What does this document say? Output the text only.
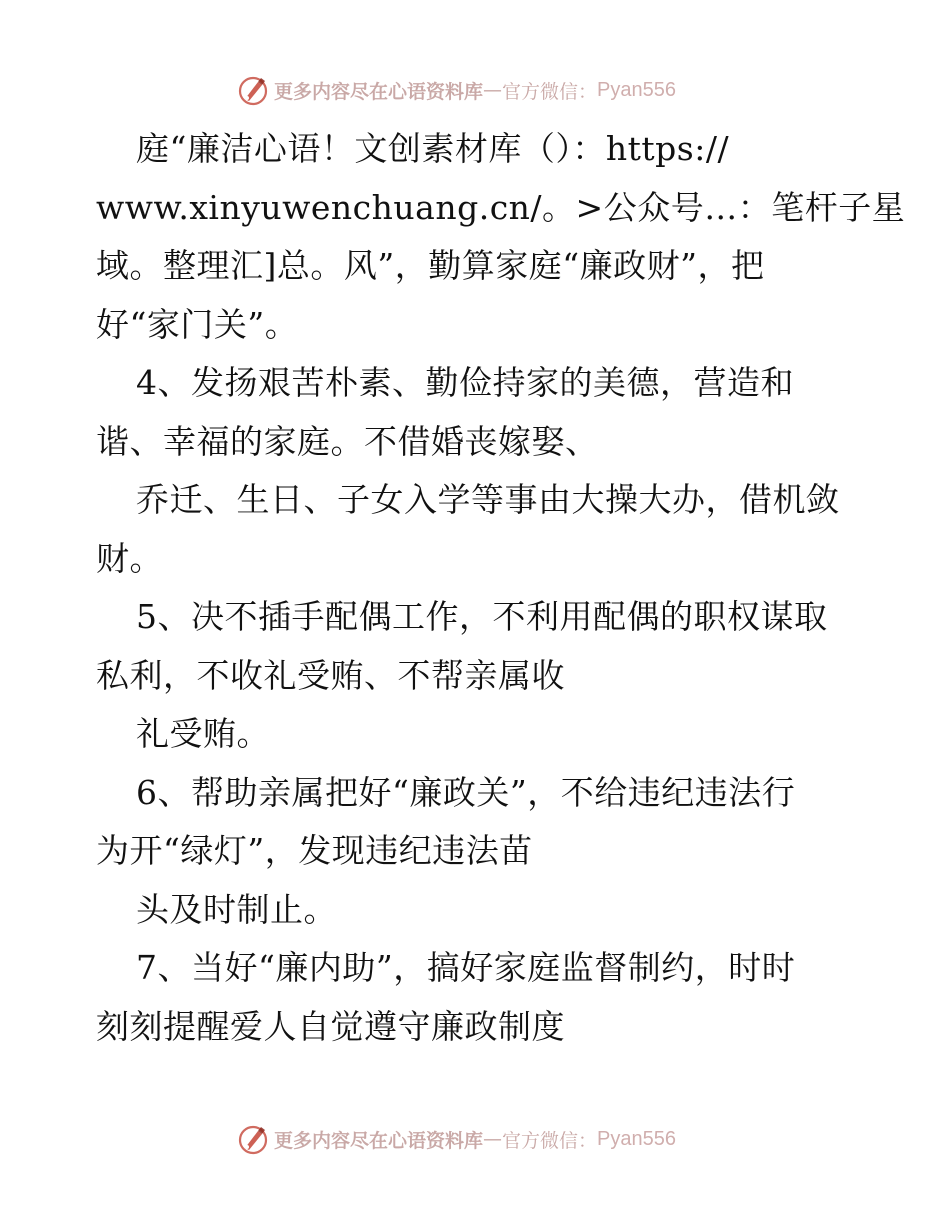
更多内容尽在心语资料库 — 官方微信： Pyan556
庭“廉洁心语！文创素材库（）：https://
www.xinyuwenchuang.cn/。>公众号…：笔杆子星
域。整理汇]总。风”，勤算家庭“廉政财”，把
好“家门关”。
4、发扬艰苦朴素、勤俭持家的美德，营造和
谐、幸福的家庭。不借婚丧嫁娶、
乔迁、生日、子女入学等事由大操大办，借机敛
财。
5、决不插手配偶工作，不利用配偶的职权谋取
私利，不收礼受贿、不帮亲属收
礼受贿。
6、帮助亲属把好“廉政关”，不给违纪违法行
为开“绿灯”，发现违纪违法苗
头及时制止。
7、当好“廉内助”，搞好家庭监督制约，时时
刻刻提醒爱人自觉遵守廉政制度
更多内容尽在心语资料库 — 官方微信： Pyan556
